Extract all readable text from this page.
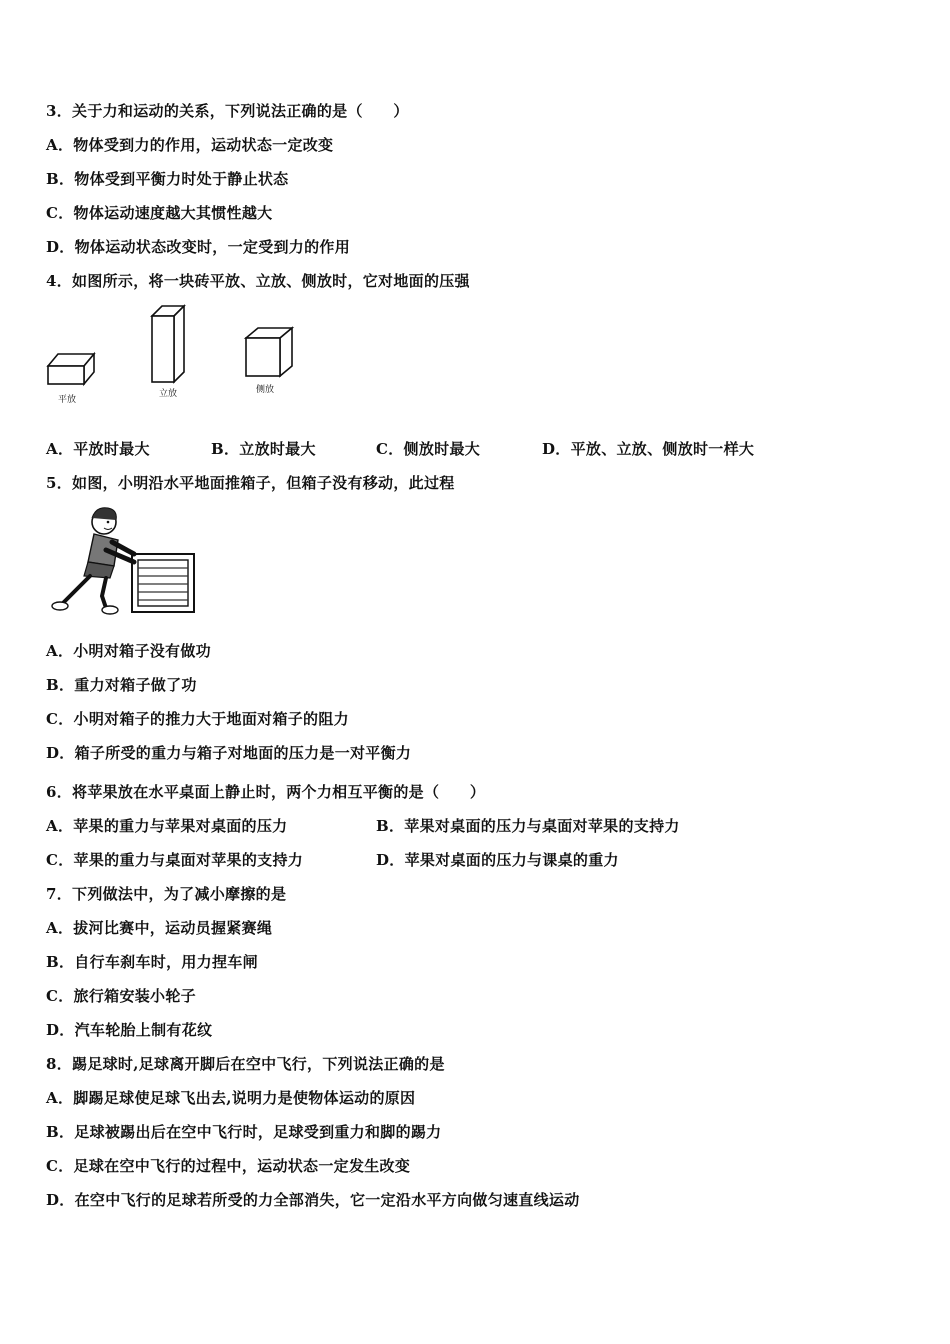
3．关于力和运动的关系，下列说法正确的是（　　）
A．物体受到力的作用，运动状态一定改变
B．物体受到平衡力时处于静止状态
C．物体运动速度越大其惯性越大
D．物体运动状态改变时，一定受到力的作用
4．如图所示，将一块砖平放、立放、侧放时，它对地面的压强
平放
立放	侧放
A．平放时最大	B．立放时最大	C．侧放时最大	D．平放、立放、侧放时一样大
5．如图，小明沿水平地面推箱子，但箱子没有移动，此过程
A．小明对箱子没有做功
B．重力对箱子做了功
C．小明对箱子的推力大于地面对箱子的阻力
D．箱子所受的重力与箱子对地面的压力是一对平衡力
6．将苹果放在水平桌面上静止时，两个力相互平衡的是（　　）
A．苹果的重力与苹果对桌面的压力	B．苹果对桌面的压力与桌面对苹果的支持力
C．苹果的重力与桌面对苹果的支持力	D．苹果对桌面的压力与课桌的重力
7．下列做法中，为了减小摩擦的是
A．拔河比赛中，运动员握紧赛绳
B．自行车刹车时，用力捏车闸
C．旅行箱安装小轮子
D．汽车轮胎上制有花纹
8．踢足球时,足球离开脚后在空中飞行，下列说法正确的是
A．脚踢足球使足球飞出去,说明力是使物体运动的原因
B．足球被踢出后在空中飞行时，足球受到重力和脚的踢力
C．足球在空中飞行的过程中，运动状态一定发生改变
D．在空中飞行的足球若所受的力全部消失，它一定沿水平方向做匀速直线运动
